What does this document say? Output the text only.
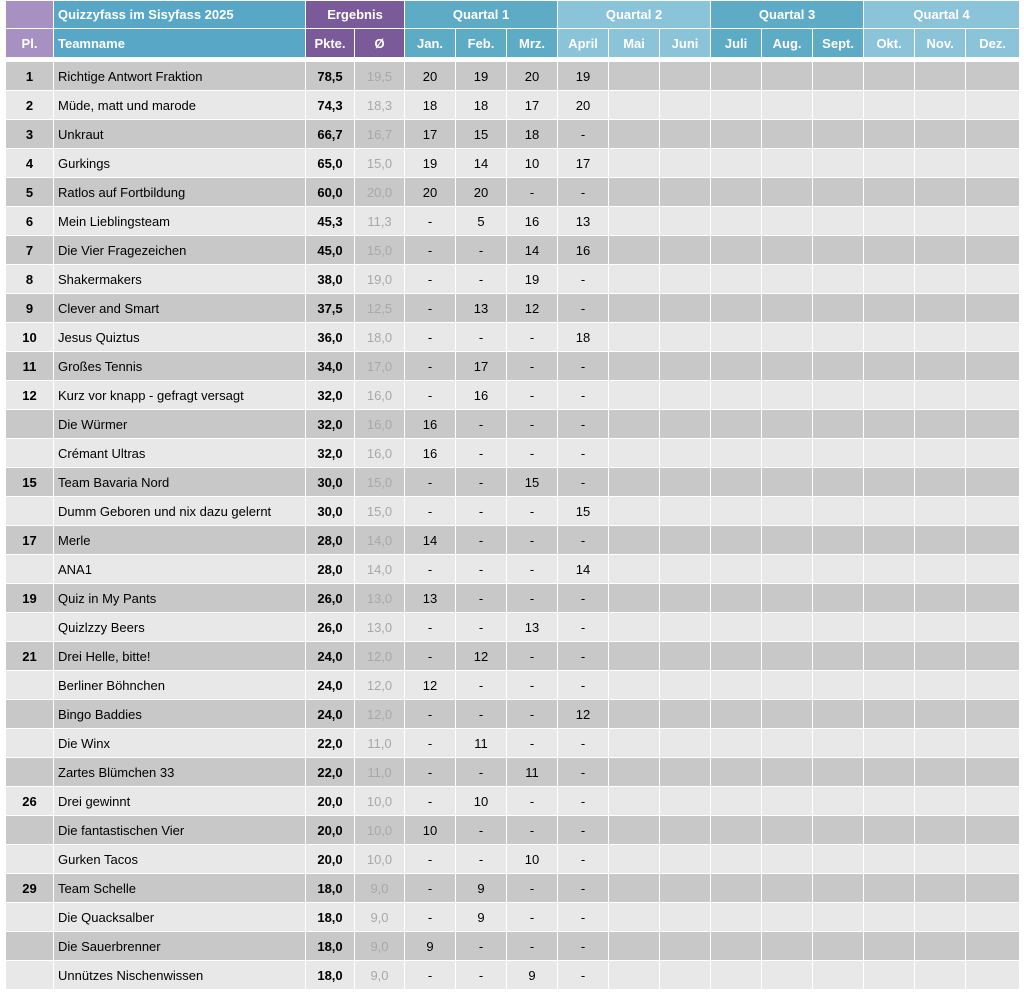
	Quizzyfass im Sisyfass 2025	Ergebnis		Quartal 1			Quartal 2			Quartal 3			Quartal 4		
Pl.	Teamname	Pkte.	Ø	Jan.	Feb.	Mrz.	April	Mai	Juni	Juli	Aug.	Sept.	Okt.	Nov.	Dez.

1	Richtige Antwort Fraktion	78,5	19,5	20	19	20	19								
2	Müde, matt und marode	74,3	18,3	18	18	17	20								
3	Unkraut	66,7	16,7	17	15	18	-								
4	Gurkings	65,0	15,0	19	14	10	17								
5	Ratlos auf Fortbildung	60,0	20,0	20	20	-	-								
6	Mein Lieblingsteam	45,3	11,3	-	5	16	13								
7	Die Vier Fragezeichen	45,0	15,0	-	-	14	16								
8	Shakermakers	38,0	19,0	-	-	19	-								
9	Clever and Smart	37,5	12,5	-	13	12	-								
10	Jesus Quiztus	36,0	18,0	-	-	-	18								
11	Großes Tennis	34,0	17,0	-	17	-	-								
12	Kurz vor knapp - gefragt versagt	32,0	16,0	-	16	-	-								
	Die Würmer	32,0	16,0	16	-	-	-								
	Crémant Ultras	32,0	16,0	16	-	-	-								
15	Team Bavaria Nord	30,0	15,0	-	-	15	-								
	Dumm Geboren und nix dazu gelernt	30,0	15,0	-	-	-	15								
17	Merle	28,0	14,0	14	-	-	-								
	ANA1	28,0	14,0	-	-	-	14								
19	Quiz in My Pants	26,0	13,0	13	-	-	-								
	Quizlzzy Beers	26,0	13,0	-	-	13	-								
21	Drei Helle, bitte!	24,0	12,0	-	12	-	-								
	Berliner Böhnchen	24,0	12,0	12	-	-	-								
	Bingo Baddies	24,0	12,0	-	-	-	12								
	Die Winx	22,0	11,0	-	11	-	-								
	Zartes Blümchen 33	22,0	11,0	-	-	11	-								
26	Drei gewinnt	20,0	10,0	-	10	-	-								
	Die fantastischen Vier	20,0	10,0	10	-	-	-								
	Gurken Tacos	20,0	10,0	-	-	10	-								
29	Team Schelle	18,0	9,0	-	9	-	-								
	Die Quacksalber	18,0	9,0	-	9	-	-								
	Die Sauerbrenner	18,0	9,0	9	-	-	-								
	Unnützes Nischenwissen	18,0	9,0	-	-	9	-								
